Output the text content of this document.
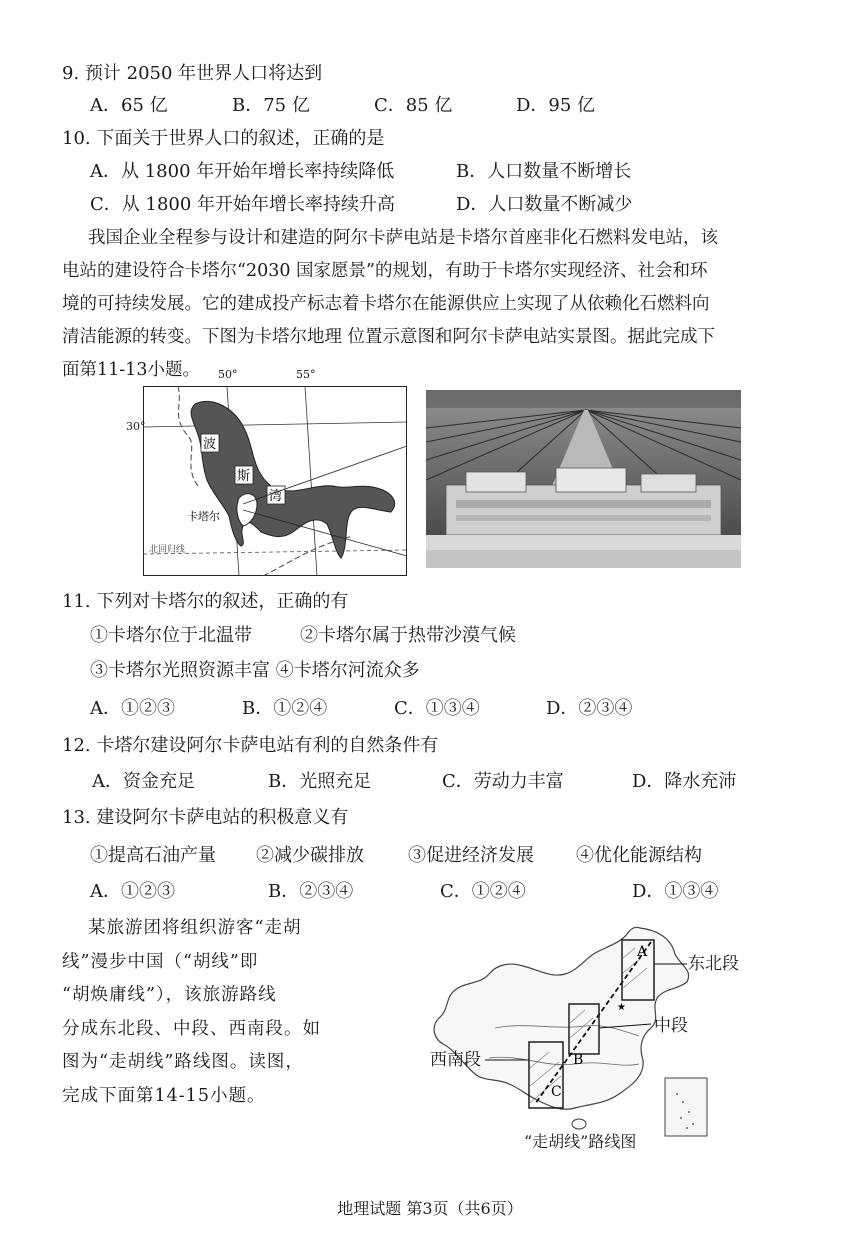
9. 预计 2050 年世界人口将达到
A．65 亿	B．75 亿	C．85 亿	D．95 亿
10. 下面关于世界人口的叙述，正确的是
A．从 1800 年开始年增长率持续降低	B．人口数量不断增长
C．从 1800 年开始年增长率持续升高	D．人口数量不断减少

我国企业全程参与设计和建造的阿尔卡萨电站是卡塔尔首座非化石燃料发电站，该

电站的建设符合卡塔尔“2030 国家愿景”的规划，有助于卡塔尔实现经济、社会和环

境的可持续发展。它的建成投产标志着卡塔尔在能源供应上实现了从依赖化石燃料向

清洁能源的转变。下图为卡塔尔地理 位置示意图和阿尔卡萨电站实景图。据此完成下

面第11-13小题。

波
斯
湾
卡塔尔
北回归线
50°	55°
30°
11. 下列对卡塔尔的叙述，正确的有
①卡塔尔位于北温带	②卡塔尔属于热带沙漠气候
③卡塔尔光照资源丰富 ④卡塔尔河流众多
A．①②③	B．①②④	C．①③④	D．②③④
12. 卡塔尔建设阿尔卡萨电站有利的自然条件有
A．资金充足	B．光照充足	C．劳动力丰富	D．降水充沛
13. 建设阿尔卡萨电站的积极意义有
①提高石油产量 ②减少碳排放 ③促进经济发展 ④优化能源结构
A．①②③	B．②③④	C．①②④	D．①③④

某旅游团将组织游客“走胡

线”漫步中国（“胡线”即

“胡焕庸线”），该旅游路线

分成东北段、中段、西南段。如

图为“走胡线”路线图。读图，

完成下面第14-15小题。

★
A
B
C
东北段
中段
西南段
“走胡线”路线图
地理试题 第3页（共6页）
